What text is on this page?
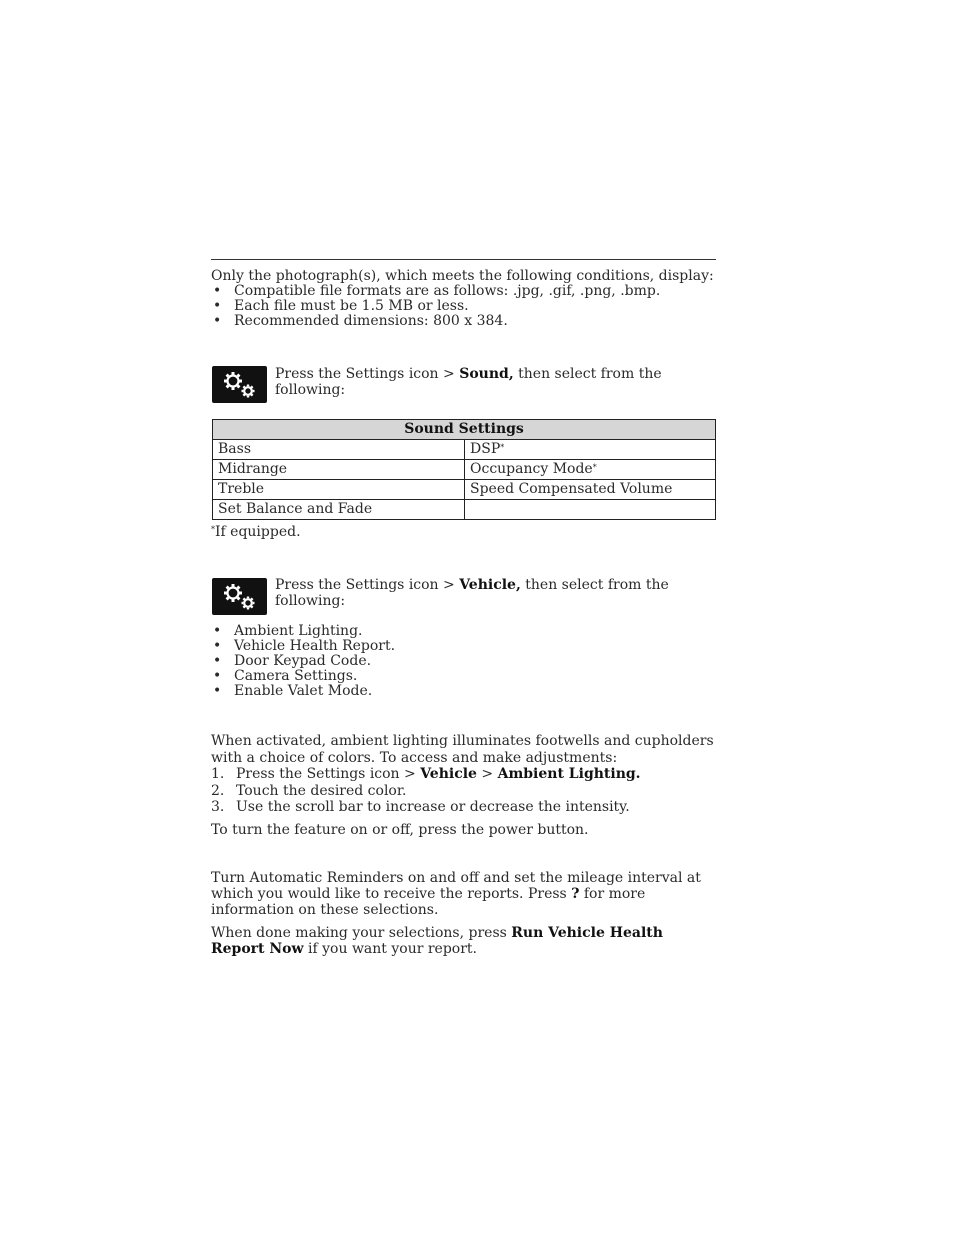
Only the photograph(s), which meets the following conditions, display:

• Compatible file formats are as follows: .jpg, .gif, .png, .bmp.
• Each file must be 1.5 MB or less.
• Recommended dimensions: 800 x 384.
Press the Settings icon > Sound, then select from the following:
Sound Settings	
Bass	DSP*
Midrange	Occupancy Mode*
Treble	Speed Compensated Volume
Set Balance and Fade	
*If equipped.
Press the Settings icon > Vehicle, then select from the following:
• Ambient Lighting.
• Vehicle Health Report.
• Door Keypad Code.
• Camera Settings.
• Enable Valet Mode.

When activated, ambient lighting illuminates footwells and cupholders with a choice of colors. To access and make adjustments:

1. Press the Settings icon > Vehicle > Ambient Lighting.
2. Touch the desired color.
3. Use the scroll bar to increase or decrease the intensity.

To turn the feature on or off, press the power button.

Turn Automatic Reminders on and off and set the mileage interval at which you would like to receive the reports. Press ? for more information on these selections.

When done making your selections, press Run Vehicle Health Report Now if you want your report.
